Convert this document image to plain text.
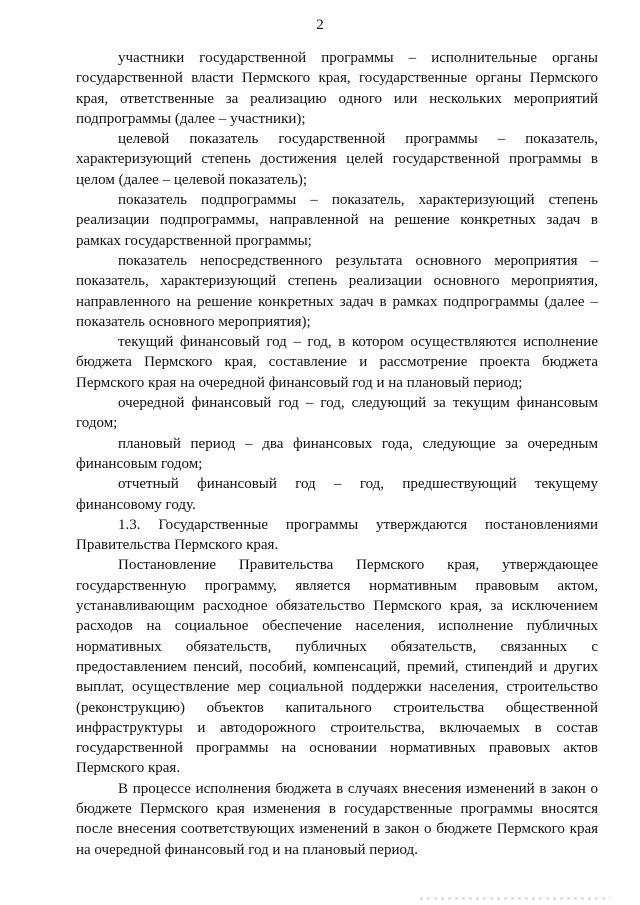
2

участники государственной программы – исполнительные органы государственной власти Пермского края, государственные органы Пермского края, ответственные за реализацию одного или нескольких мероприятий подпрограммы (далее – участники);

целевой показатель государственной программы – показатель, характеризующий степень достижения целей государственной программы в целом (далее – целевой показатель);

показатель подпрограммы – показатель, характеризующий степень реализации подпрограммы, направленной на решение конкретных задач в рамках государственной программы;

показатель непосредственного результата основного мероприятия – показатель, характеризующий степень реализации основного мероприятия, направленного на решение конкретных задач в рамках подпрограммы (далее – показатель основного мероприятия);

текущий финансовый год – год, в котором осуществляются исполнение бюджета Пермского края, составление и рассмотрение проекта бюджета Пермского края на очередной финансовый год и на плановый период;

очередной финансовый год – год, следующий за текущим финансовым годом;

плановый период – два финансовых года, следующие за очередным финансовым годом;

отчетный финансовый год – год, предшествующий текущему финансовому году.

1.3. Государственные программы утверждаются постановлениями Правительства Пермского края.

Постановление Правительства Пермского края, утверждающее государственную программу, является нормативным правовым актом, устанавливающим расходное обязательство Пермского края, за исключением расходов на социальное обеспечение населения, исполнение публичных нормативных обязательств, публичных обязательств, связанных с предоставлением пенсий, пособий, компенсаций, премий, стипендий и других выплат, осуществление мер социальной поддержки населения, строительство (реконструкцию) объектов капитального строительства общественной инфраструктуры и автодорожного строительства, включаемых в состав государственной программы на основании нормативных правовых актов Пермского края.

В процессе исполнения бюджета в случаях внесения изменений в закон о бюджете Пермского края изменения в государственные программы вносятся после внесения соответствующих изменений в закон о бюджете Пермского края на очередной финансовый год и на плановый период.
